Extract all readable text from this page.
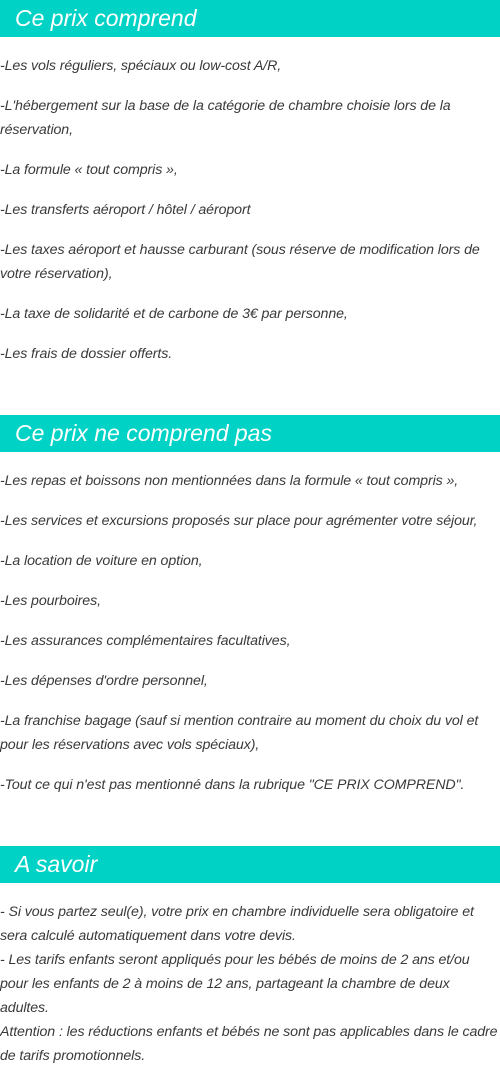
Ce prix comprend

-Les vols réguliers, spéciaux ou low-cost A/R,

-L'hébergement sur la base de la catégorie de chambre choisie lors de la réservation,

-La formule « tout compris »,

-Les transferts aéroport / hôtel / aéroport

-Les taxes aéroport et hausse carburant (sous réserve de modification lors de votre réservation),

-La taxe de solidarité et de carbone de 3€ par personne,

-Les frais de dossier offerts.

Ce prix ne comprend pas

-Les repas et boissons non mentionnées dans la formule « tout compris »,

-Les services et excursions proposés sur place pour agrémenter votre séjour,

-La location de voiture en option,

-Les pourboires,

-Les assurances complémentaires facultatives,

-Les dépenses d'ordre personnel,

-La franchise bagage (sauf si mention contraire au moment du choix du vol et pour les réservations avec vols spéciaux),

-Tout ce qui n'est pas mentionné dans la rubrique "CE PRIX COMPREND".

A savoir

- Si vous partez seul(e), votre prix en chambre individuelle sera obligatoire et sera calculé automatiquement dans votre devis.

- Les tarifs enfants seront appliqués pour les bébés de moins de 2 ans et/ou pour les enfants de 2 à moins de 12 ans, partageant la chambre de deux adultes.

Attention : les réductions enfants et bébés ne sont pas applicables dans le cadre de tarifs promotionnels.
